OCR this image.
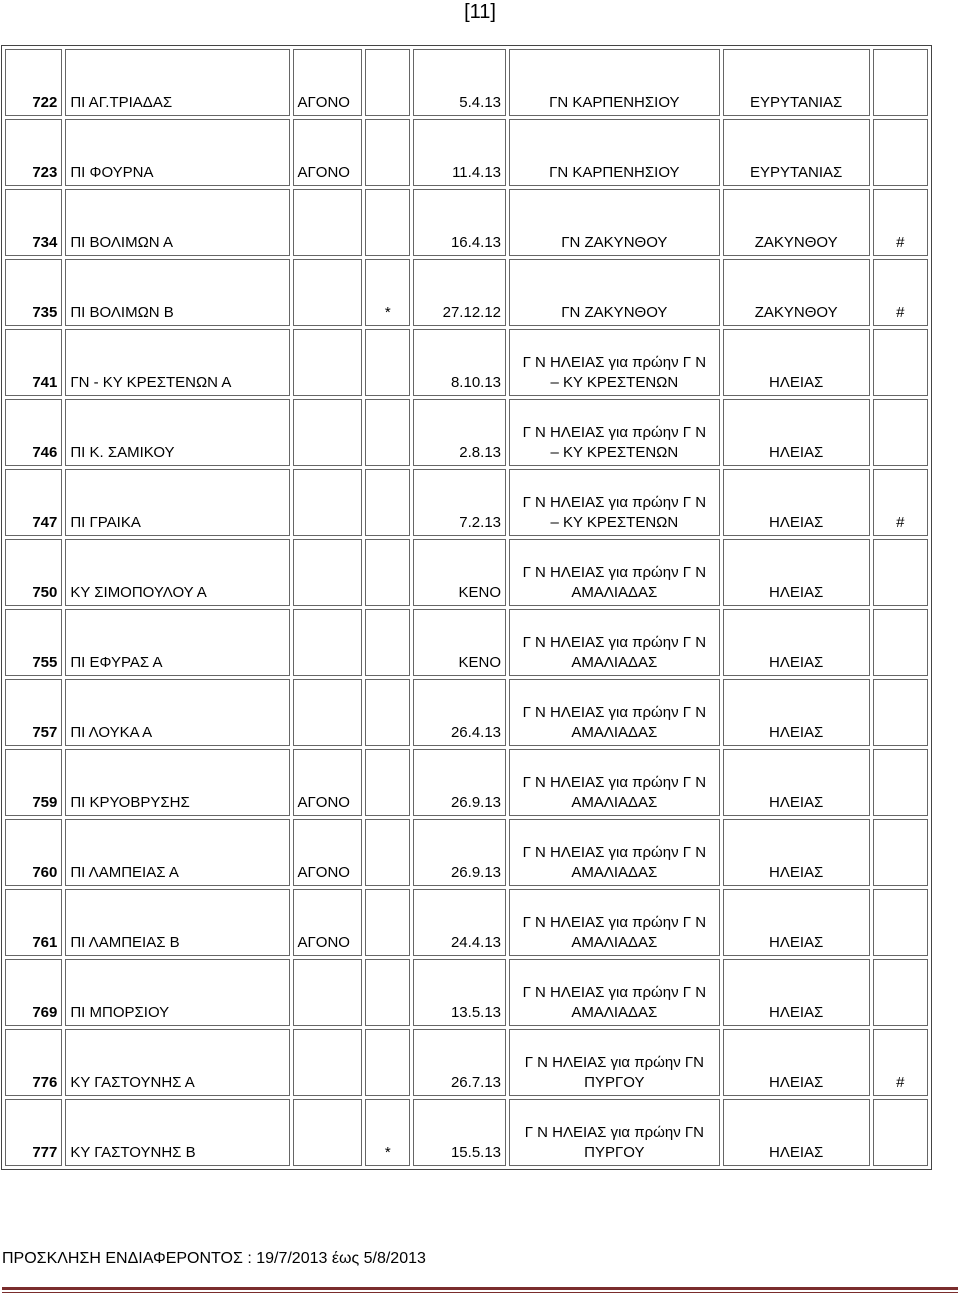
[11]
722	ΠΙ ΑΓ.ΤΡΙΑΔΑΣ	ΑΓΟΝΟ		5.4.13	ΓΝ ΚΑΡΠΕΝΗΣΙΟΥ	ΕΥΡΥΤΑΝΙΑΣ	
723	ΠΙ ΦΟΥΡΝΑ	ΑΓΟΝΟ		11.4.13	ΓΝ ΚΑΡΠΕΝΗΣΙΟΥ	ΕΥΡΥΤΑΝΙΑΣ	
734	ΠΙ ΒΟΛΙΜΩΝ Α			16.4.13	ΓΝ ΖΑΚΥΝΘΟΥ	ΖΑΚΥΝΘΟΥ	#
735	ΠΙ ΒΟΛΙΜΩΝ Β		*	27.12.12	ΓΝ ΖΑΚΥΝΘΟΥ	ΖΑΚΥΝΘΟΥ	#
741	ΓΝ - ΚΥ ΚΡΕΣΤΕΝΩΝ Α			8.10.13	Γ Ν ΗΛΕΙΑΣ για πρώην Γ Ν
– ΚΥ ΚΡΕΣΤΕΝΩΝ	ΗΛΕΙΑΣ	
746	ΠΙ Κ. ΣΑΜΙΚΟΥ			2.8.13	Γ Ν ΗΛΕΙΑΣ για πρώην Γ Ν
– ΚΥ ΚΡΕΣΤΕΝΩΝ	ΗΛΕΙΑΣ	
747	ΠΙ ΓΡΑΙΚΑ			7.2.13	Γ Ν ΗΛΕΙΑΣ για πρώην Γ Ν
– ΚΥ ΚΡΕΣΤΕΝΩΝ	ΗΛΕΙΑΣ	#
750	ΚΥ ΣΙΜΟΠΟΥΛΟΥ Α			ΚΕΝΟ	Γ Ν ΗΛΕΙΑΣ για πρώην Γ Ν
ΑΜΑΛΙΑΔΑΣ	ΗΛΕΙΑΣ	
755	ΠΙ ΕΦΥΡΑΣ Α			ΚΕΝΟ	Γ Ν ΗΛΕΙΑΣ για πρώην Γ Ν
ΑΜΑΛΙΑΔΑΣ	ΗΛΕΙΑΣ	
757	ΠΙ ΛΟΥΚΑ Α			26.4.13	Γ Ν ΗΛΕΙΑΣ για πρώην Γ Ν
ΑΜΑΛΙΑΔΑΣ	ΗΛΕΙΑΣ	
759	ΠΙ ΚΡΥΟΒΡΥΣΗΣ	ΑΓΟΝΟ		26.9.13	Γ Ν ΗΛΕΙΑΣ για πρώην Γ Ν
ΑΜΑΛΙΑΔΑΣ	ΗΛΕΙΑΣ	
760	ΠΙ ΛΑΜΠΕΙΑΣ Α	ΑΓΟΝΟ		26.9.13	Γ Ν ΗΛΕΙΑΣ για πρώην Γ Ν
ΑΜΑΛΙΑΔΑΣ	ΗΛΕΙΑΣ	
761	ΠΙ ΛΑΜΠΕΙΑΣ Β	ΑΓΟΝΟ		24.4.13	Γ Ν ΗΛΕΙΑΣ για πρώην Γ Ν
ΑΜΑΛΙΑΔΑΣ	ΗΛΕΙΑΣ	
769	ΠΙ ΜΠΟΡΣΙΟΥ			13.5.13	Γ Ν ΗΛΕΙΑΣ για πρώην Γ Ν
ΑΜΑΛΙΑΔΑΣ	ΗΛΕΙΑΣ	
776	ΚΥ ΓΑΣΤΟΥΝΗΣ Α			26.7.13	Γ Ν ΗΛΕΙΑΣ για πρώην ΓΝ
ΠΥΡΓΟΥ	ΗΛΕΙΑΣ	#
777	ΚΥ ΓΑΣΤΟΥΝΗΣ Β		*	15.5.13	Γ Ν ΗΛΕΙΑΣ για πρώην ΓΝ
ΠΥΡΓΟΥ	ΗΛΕΙΑΣ	
ΠΡΟΣΚΛΗΣΗ ΕΝΔΙΑΦΕΡΟΝΤΟΣ : 19/7/2013 έως 5/8/2013
